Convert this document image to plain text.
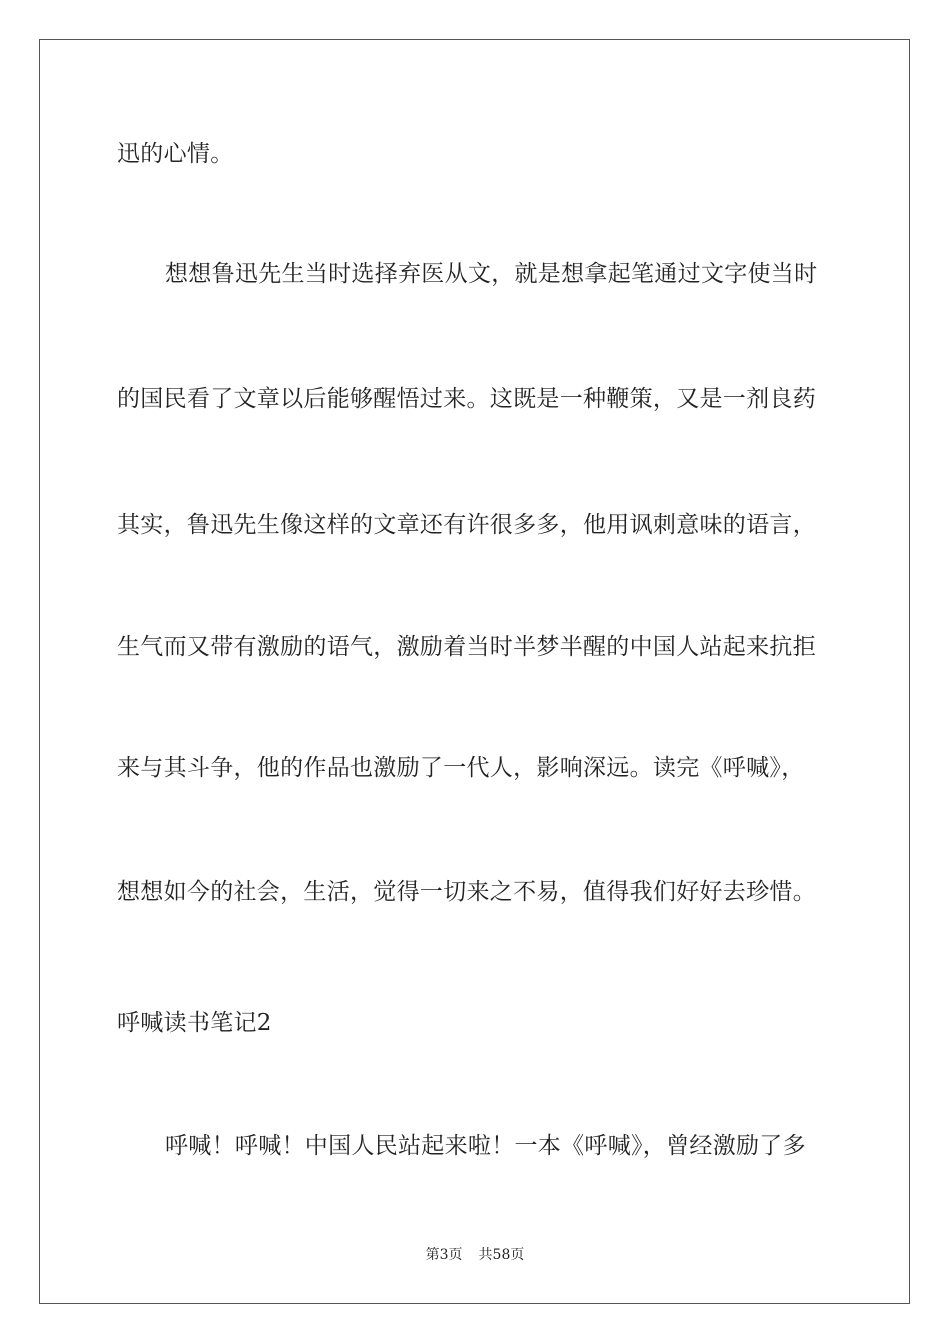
迅的心情。
想想鲁迅先生当时选择弃医从文，就是想拿起笔通过文字使当时
的国民看了文章以后能够醒悟过来。这既是一种鞭策，又是一剂良药
其实，鲁迅先生像这样的文章还有许很多多，他用讽刺意味的语言，
生气而又带有激励的语气，激励着当时半梦半醒的中国人站起来抗拒
来与其斗争，他的作品也激励了一代人，影响深远。读完《呼喊》，
想想如今的社会，生活，觉得一切来之不易，值得我们好好去珍惜。
呼喊读书笔记2
呼喊！呼喊！中国人民站起来啦！一本《呼喊》，曾经激励了多
第3页 共58页
